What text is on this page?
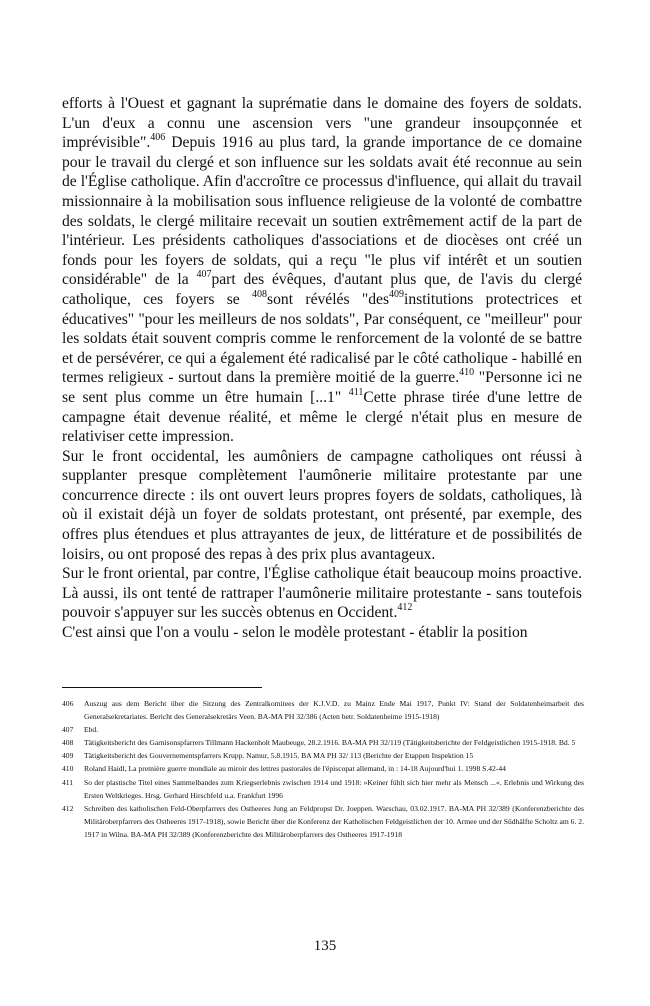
efforts à l'Ouest et gagnant la suprématie dans le domaine des foyers de soldats. L'un d'eux a connu une ascension vers "une grandeur insoupçonnée et imprévisible".$^{406}$ Depuis 1916 au plus tard, la grande importance de ce domaine pour le travail du clergé et son influence sur les soldats avait été reconnue au sein de l'Église catholique. Afin d'accroître ce processus d'influence, qui allait du travail missionnaire à la mobilisation sous influence religieuse de la volonté de combattre des soldats, le clergé militaire recevait un soutien extrêmement actif de la part de l'intérieur. Les présidents catholiques d'associations et de diocèses ont créé un fonds pour les foyers de soldats, qui a reçu "le plus vif intérêt et un soutien considérable" de la $^{407}$part des évêques, d'autant plus que, de l'avis du clergé catholique, ces foyers se $^{408}$sont révélés "des$^{409}$institutions protectrices et éducatives" "pour les meilleurs de nos soldats", Par conséquent, ce "meilleur" pour les soldats était souvent compris comme le renforcement de la volonté de se battre et de persévérer, ce qui a également été radicalisé par le côté catholique - habillé en termes religieux - surtout dans la première moitié de la guerre.$^{410}$ "Personne ici ne se sent plus comme un être humain [...1" $^{411}$Cette phrase tirée d'une lettre de campagne était devenue réalité, et même le clergé n'était plus en mesure de relativiser cette impression.

Sur le front occidental, les aumôniers de campagne catholiques ont réussi à supplanter presque complètement l'aumônerie militaire protestante par une concurrence directe : ils ont ouvert leurs propres foyers de soldats, catholiques, là où il existait déjà un foyer de soldats protestant, ont présenté, par exemple, des offres plus étendues et plus attrayantes de jeux, de littérature et de possibilités de loisirs, ou ont proposé des repas à des prix plus avantageux.

Sur le front oriental, par contre, l'Église catholique était beaucoup moins proactive. Là aussi, ils ont tenté de rattraper l'aumônerie militaire protestante - sans toutefois pouvoir s'appuyer sur les succès obtenus en Occident.$^{412}$

C'est ainsi que l'on a voulu - selon le modèle protestant - établir la position

406	Auszug aus dem Bericht über die Sitzung des Zentralkomitees der K.J.V.D. zu Mainz Ende Mai 1917, Punkt IV: Stand der Soldatenheimarbeit des Generalsekretariates. Bericht des Generalsekretärs Veen. BA-MA PH 32/386 (Acten betr. Soldatenheime 1915-1918)
407	Ebd.
408	Tätigkeitsbericht des Garnisonspfarrers Tillmann Hackenholt Maubeuge, 28.2.1916. BA-MA PH 32/119 (Tätigkeitsberichte der Feldgeistlichen 1915-1918. Bd. 5
409	Tätigkeitsbericht des Gouvernementspfarrers Krupp. Namur, 5.8.1915. BA MA PH 32/ 113 (Berichte der Etappen Inspektion 15
410	Roland Haidl, La première guerre mondiale au miroir des lettres pastorales de l'épiscopat allemand, in : 14-18 Aujourd'hui 1. 1998 S.42-44
411	So der plastische Titel eines Sammelbandes zum Kriegserlebnis zwischen 1914 und 1918: »Keiner fühlt sich hier mehr als Mensch ...«. Erlebnis und Wirkung des Ersten Weltkrieges. Hrsg. Gerhard Hirschfeld u.a. Frankfurt 1996
412	Schreiben des katholischen Feld-Oberpfarrers des Ostheeres Jung an Feldpropst Dr. Joeppen. Warschau, 03.02.1917. BA-MA PH 32/389 (Konferenzberichte des Militäroberpfarrers des Ostheeres 1917-1918), sowie Bericht über die Konferenz der Katholischen Feldgeistlichen der 10. Armee und der Südhälfte Scholtz am 6. 2. 1917 in Wilna. BA-MA PH 32/389 (Konferenzberichte des Militäroberpfarrers des Ostheeres 1917-1918
135
